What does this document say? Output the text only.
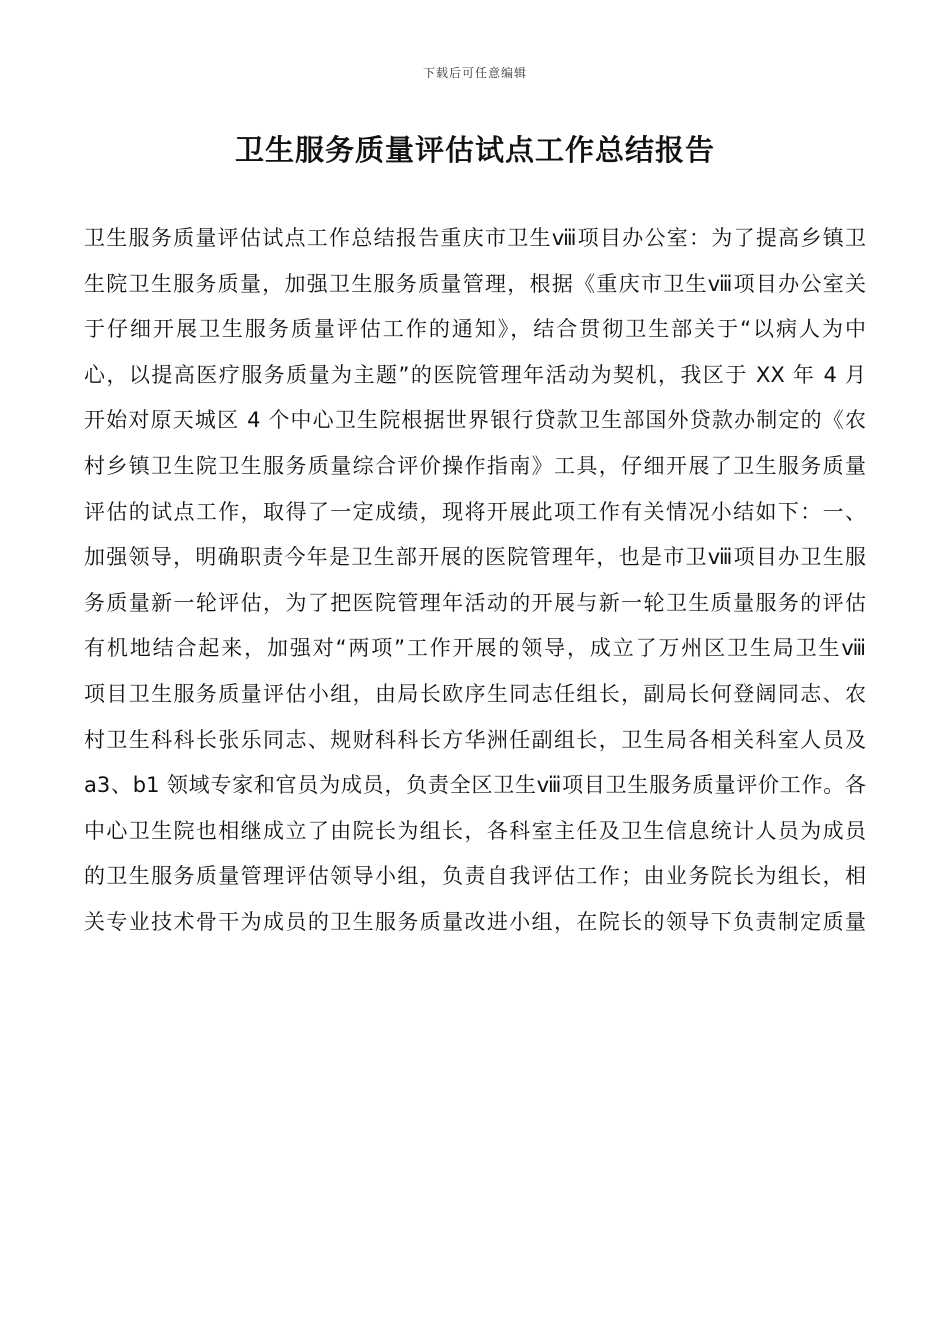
下载后可任意编辑
卫生服务质量评估试点工作总结报告
卫生服务质量评估试点工作总结报告重庆市卫生ⅷ项目办公室：为了提高乡镇卫
生院卫生服务质量，加强卫生服务质量管理，根据《重庆市卫生ⅷ项目办公室关
于仔细开展卫生服务质量评估工作的通知》，结合贯彻卫生部关于“以病人为中
心，以提高医疗服务质量为主题”的医院管理年活动为契机，我区于 XX 年 4 月
开始对原天城区 4 个中心卫生院根据世界银行贷款卫生部国外贷款办制定的《农
村乡镇卫生院卫生服务质量综合评价操作指南》工具，仔细开展了卫生服务质量
评估的试点工作，取得了一定成绩，现将开展此项工作有关情况小结如下：一、
加强领导，明确职责今年是卫生部开展的医院管理年，也是市卫ⅷ项目办卫生服
务质量新一轮评估，为了把医院管理年活动的开展与新一轮卫生质量服务的评估
有机地结合起来，加强对“两项”工作开展的领导，成立了万州区卫生局卫生ⅷ
项目卫生服务质量评估小组，由局长欧序生同志任组长，副局长何登阔同志、农
村卫生科科长张乐同志、规财科科长方华洲任副组长，卫生局各相关科室人员及
a3、b1 领域专家和官员为成员，负责全区卫生ⅷ项目卫生服务质量评价工作。各
中心卫生院也相继成立了由院长为组长，各科室主任及卫生信息统计人员为成员
的卫生服务质量管理评估领导小组，负责自我评估工作；由业务院长为组长，相
关专业技术骨干为成员的卫生服务质量改进小组，在院长的领导下负责制定质量
